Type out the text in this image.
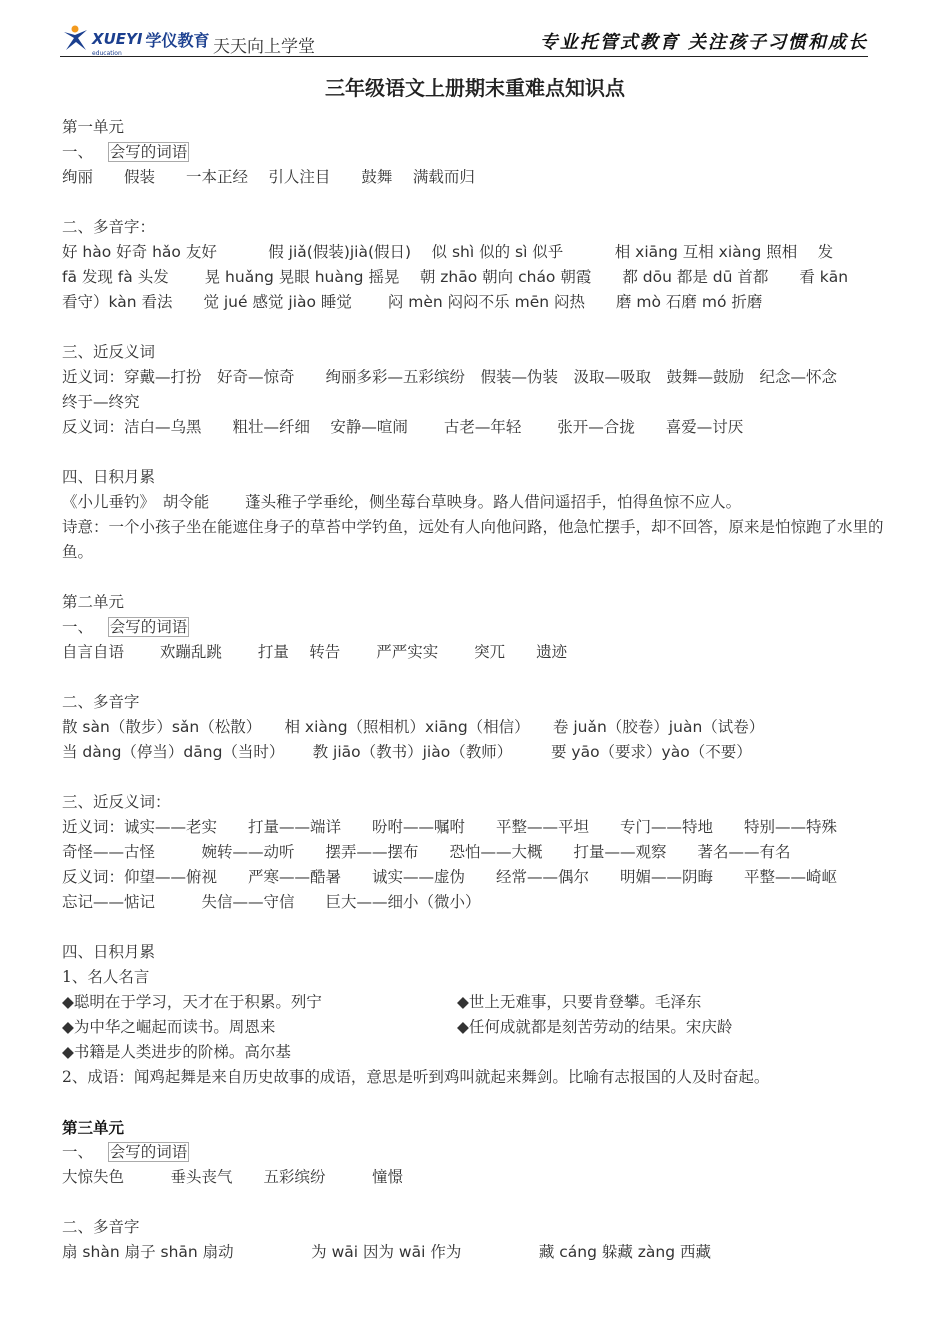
XUEYI 学仪教育
education	天天向上学堂	专业托管式教育 关注孩子习惯和成长
三年级语文上册期末重难点知识点
第一单元
一、 会写的词语
绚丽　　假装　　一本正经　 引人注目　　鼓舞　 满载而归
二、多音字：
好 hào 好奇 hǎo 友好　　　 假 jiǎ(假装)jià(假日)　 似 shì 似的 sì 似乎　　　 相 xiāng 互相 xiàng 照相　 发
fā 发现 fà 头发　　 晃 huǎng 晃眼 huàng 摇晃　 朝 zhāo 朝向 cháo 朝霞　　都 dōu 都是 dū 首都　　看 kān
看守）kàn 看法　　觉 jué 感觉 jiào 睡觉　　 闷 mèn 闷闷不乐 mēn 闷热　　磨 mò 石磨 mó 折磨
三、近反义词
近义词：穿戴—打扮　好奇—惊奇　　绚丽多彩—五彩缤纷　假装—伪装　汲取—吸取　鼓舞—鼓励　纪念—怀念
终于—终究
反义词：洁白—乌黑　　粗壮—纤细　 安静—喧闹　　 古老—年轻　　 张开—合拢　　喜爱—讨厌
四、日积月累
《小儿垂钓》　胡令能　　 蓬头稚子学垂纶，侧坐莓台草映身。路人借问遥招手，怕得鱼惊不应人。
诗意：一个小孩子坐在能遮住身子的草苔中学钓鱼，远处有人向他问路，他急忙摆手，却不回答，原来是怕惊跑了水里的鱼。
第二单元
一、 会写的词语
自言自语　　 欢蹦乱跳　　 打量　 转告　　 严严实实　　 突兀　　遗迹
二、多音字
散 sàn（散步）sǎn（松散）　　相 xiàng（照相机）xiāng（相信）　　卷 juǎn（胶卷）juàn（试卷）
当 dàng（停当）dāng（当时）　　 教 jiāo（教书）jiào（教师）　　　要 yāo（要求）yào（不要）
三、近反义词：
近义词：诚实——老实　　打量——端详　　吩咐——嘱咐　　平整——平坦　　专门——特地　　特别——特殊
奇怪——古怪　　　婉转——动听　　摆弄——摆布　　恐怕——大概　　打量——观察　　著名——有名
反义词：仰望——俯视　　严寒——酷暑　　诚实——虚伪　　经常——偶尔　　明媚——阴晦　　平整——崎岖
忘记——惦记　　　失信——守信　　巨大——细小（微小）
四、日积月累
1、名人名言
◆聪明在于学习，天才在于积累。列宁	◆世上无难事，只要肯登攀。毛泽东
◆为中华之崛起而读书。周恩来	◆任何成就都是刻苦劳动的结果。宋庆龄
◆书籍是人类进步的阶梯。高尔基
2、成语：闻鸡起舞是来自历史故事的成语，意思是听到鸡叫就起来舞剑。比喻有志报国的人及时奋起。
第三单元
一、 会写的词语
大惊失色　　　垂头丧气　　五彩缤纷　　　憧憬
二、多音字
扇 shàn 扇子 shān 扇动　　　　　为 wāi 因为 wāi 作为　　　　　藏 cáng 躲藏 zàng 西藏
